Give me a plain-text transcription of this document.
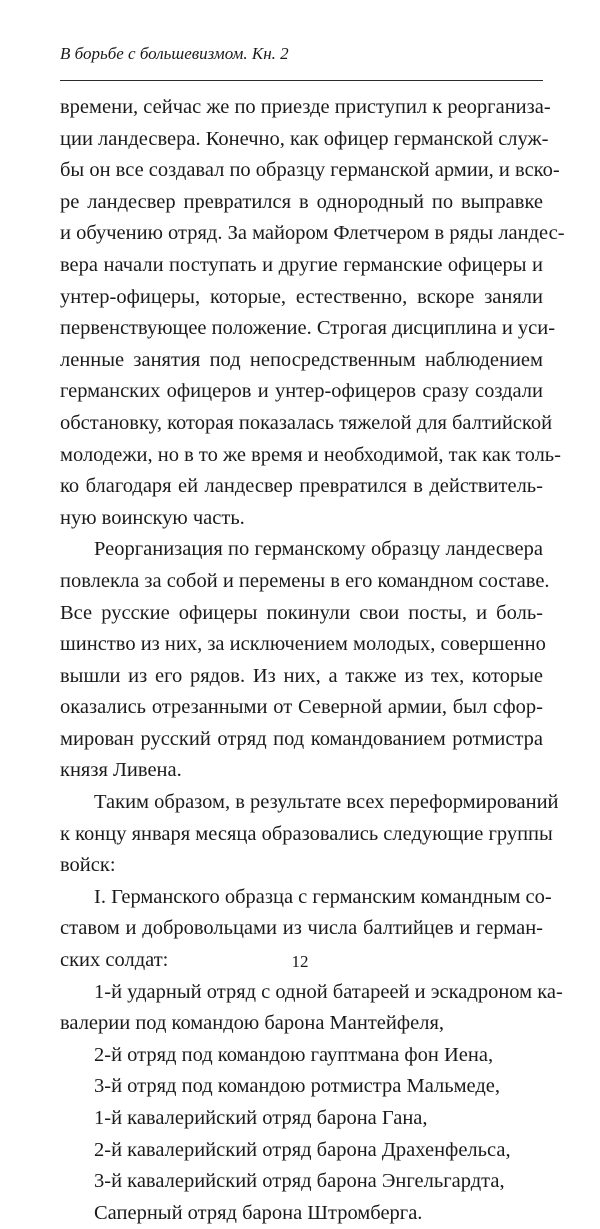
В борьбе с большевизмом. Кн. 2
времени, сейчас же по приезде приступил к реорганиза-
ции ландесвера. Конечно, как офицер германской служ-
бы он все создавал по образцу германской армии, и вско-
ре ландесвер превратился в однородный по выправке
и обучению отряд. За майором Флетчером в ряды ландес-
вера начали поступать и другие германские офицеры и
унтер-офицеры, которые, естественно, вскоре заняли
первенствующее положение. Строгая дисциплина и уси-
ленные занятия под непосредственным наблюдением
германских офицеров и унтер-офицеров сразу создали
обстановку, которая показалась тяжелой для балтийской
молодежи, но в то же время и необходимой, так как толь-
ко благодаря ей ландесвер превратился в действитель-
ную воинскую часть.
Реорганизация по германскому образцу ландесвера
повлекла за собой и перемены в его командном составе.
Все русские офицеры покинули свои посты, и боль-
шинство из них, за исключением молодых, совершенно
вышли из его рядов. Из них, а также из тех, которые
оказались отрезанными от Северной армии, был сфор-
мирован русский отряд под командованием ротмистра
князя Ливена.
Таким образом, в результате всех переформирований
к концу января месяца образовались следующие группы
войск:
I. Германского образца с германским командным со-
ставом и добровольцами из числа балтийцев и герман-
ских солдат:
1-й ударный отряд с одной батареей и эскадроном ка-
валерии под командою барона Мантейфеля,
2-й отряд под командою гауптмана фон Иена,
3-й отряд под командою ротмистра Мальмеде,
1-й кавалерийский отряд барона Гана,
2-й кавалерийский отряд барона Драхенфельса,
3-й кавалерийский отряд барона Энгельгардта,
Саперный отряд барона Штромберга.
12
